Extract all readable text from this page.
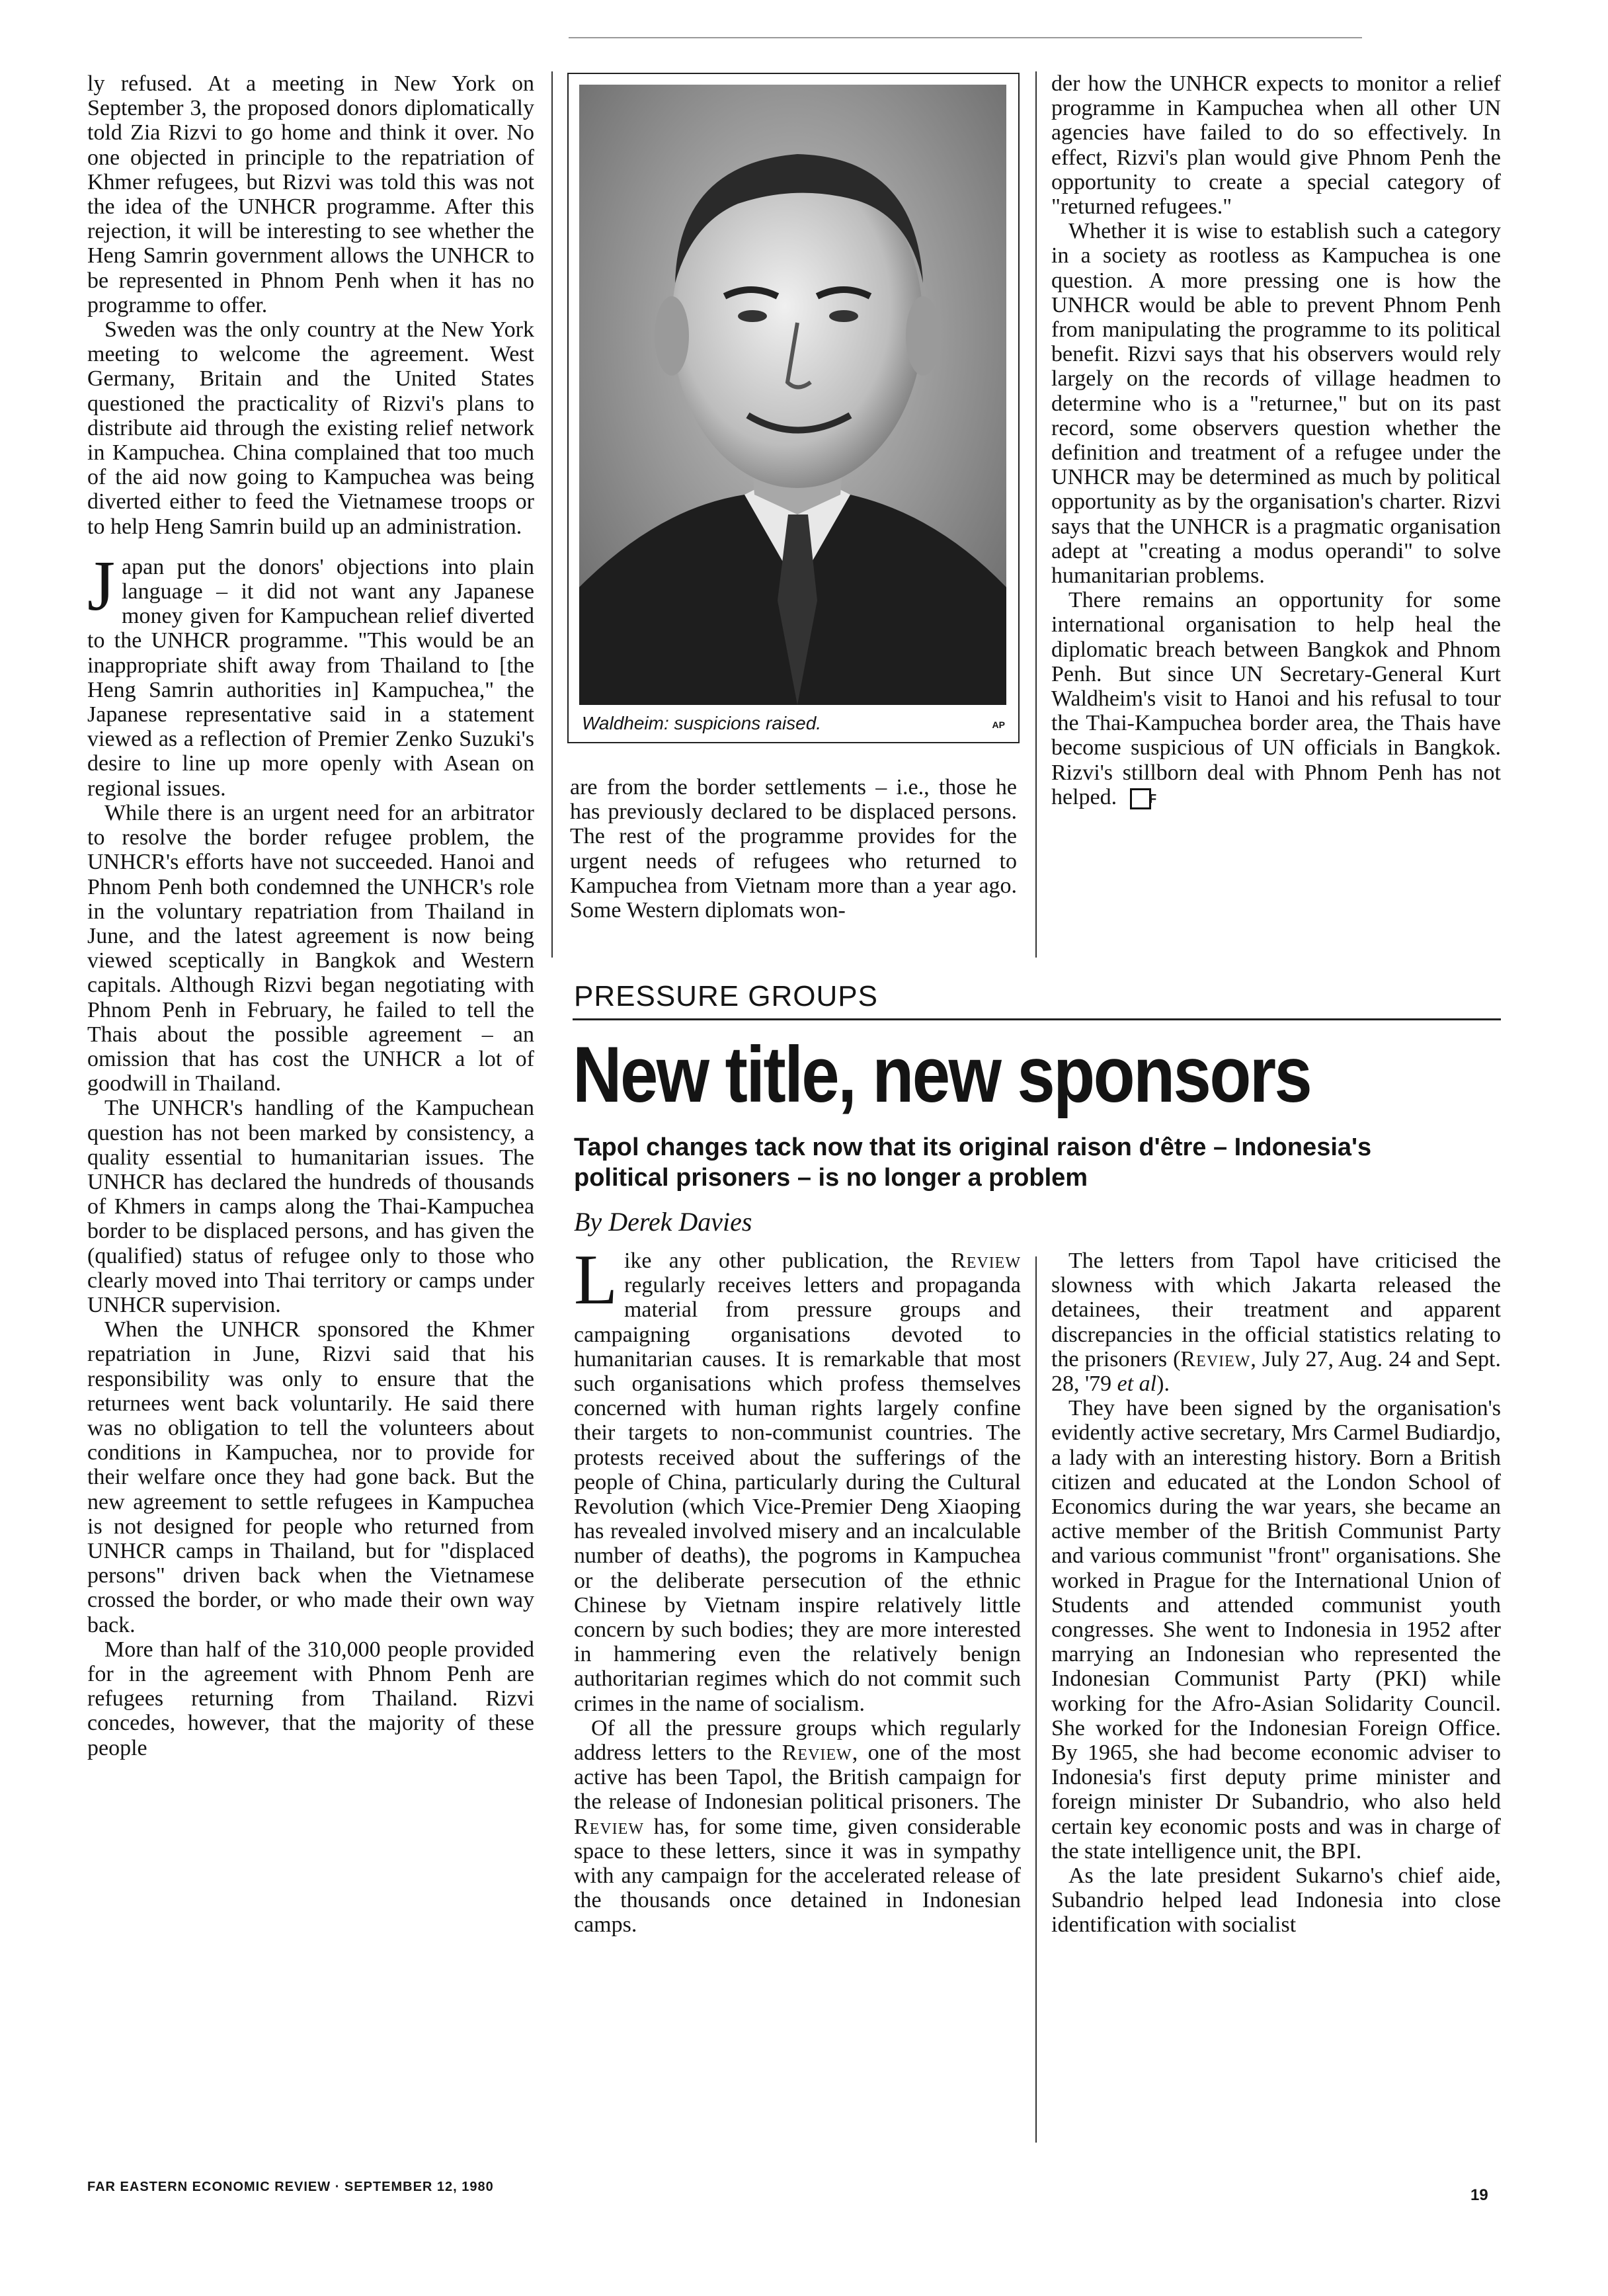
ly refused. At a meeting in New York on September 3, the proposed donors diplomatically told Zia Rizvi to go home and think it over. No one objected in principle to the repatriation of Khmer refugees, but Rizvi was told this was not the idea of the UNHCR programme. After this rejection, it will be interesting to see whether the Heng Samrin government allows the UNHCR to be represented in Phnom Penh when it has no programme to offer.

Sweden was the only country at the New York meeting to welcome the agreement. West Germany, Britain and the United States questioned the practicality of Rizvi's plans to distribute aid through the existing relief network in Kampuchea. China complained that too much of the aid now going to Kampuchea was being diverted either to feed the Vietnamese troops or to help Heng Samrin build up an administration.

Japan put the donors' objections into plain language – it did not want any Japanese money given for Kampuchean relief diverted to the UNHCR programme. "This would be an inappropriate shift away from Thailand to [the Heng Samrin authorities in] Kampuchea," the Japanese representative said in a statement viewed as a reflection of Premier Zenko Suzuki's desire to line up more openly with Asean on regional issues.

While there is an urgent need for an arbitrator to resolve the border refugee problem, the UNHCR's efforts have not succeeded. Hanoi and Phnom Penh both condemned the UNHCR's role in the voluntary repatriation from Thailand in June, and the latest agreement is now being viewed sceptically in Bangkok and Western capitals. Although Rizvi began negotiating with Phnom Penh in February, he failed to tell the Thais about the possible agreement – an omission that has cost the UNHCR a lot of goodwill in Thailand.

The UNHCR's handling of the Kampuchean question has not been marked by consistency, a quality essential to humanitarian issues. The UNHCR has declared the hundreds of thousands of Khmers in camps along the Thai-Kampuchea border to be displaced persons, and has given the (qualified) status of refugee only to those who clearly moved into Thai territory or camps under UNHCR supervision.

When the UNHCR sponsored the Khmer repatriation in June, Rizvi said that his responsibility was only to ensure that the returnees went back voluntarily. He said there was no obligation to tell the volunteers about conditions in Kampuchea, nor to provide for their welfare once they had gone back. But the new agreement to settle refugees in Kampuchea is not designed for people who returned from UNHCR camps in Thailand, but for "displaced persons" driven back when the Vietnamese crossed the border, or who made their own way back.

More than half of the 310,000 people provided for in the agreement with Phnom Penh are refugees returning from Thailand. Rizvi concedes, however, that the majority of these people

Waldheim: suspicions raised.	AP

are from the border settlements – i.e., those he has previously declared to be displaced persons. The rest of the programme provides for the urgent needs of refugees who returned to Kampuchea from Vietnam more than a year ago. Some Western diplomats won-

der how the UNHCR expects to monitor a relief programme in Kampuchea when all other UN agencies have failed to do so effectively. In effect, Rizvi's plan would give Phnom Penh the opportunity to create a special category of "returned refugees."

Whether it is wise to establish such a category in a society as rootless as Kampuchea is one question. A more pressing one is how the UNHCR would be able to prevent Phnom Penh from manipulating the programme to its political benefit. Rizvi says that his observers would rely largely on the records of village headmen to determine who is a "returnee," but on its past record, some observers question whether the definition and treatment of a refugee under the UNHCR may be determined as much by political opportunity as by the organisation's charter. Rizvi says that the UNHCR is a pragmatic organisation adept at "creating a modus operandi" to solve humanitarian problems.

There remains an opportunity for some international organisation to help heal the diplomatic breach between Bangkok and Phnom Penh. But since UN Secretary-General Kurt Waldheim's visit to Hanoi and his refusal to tour the Thai-Kampuchea border area, the Thais have become suspicious of UN officials in Bangkok. Rizvi's stillborn deal with Phnom Penh has not helped.	F

PRESSURE GROUPS
New title, new sponsors
Tapol changes tack now that its original raison d'être – Indonesia's political prisoners – is no longer a problem
By Derek Davies

Like any other publication, the Review regularly receives letters and propaganda material from pressure groups and campaigning organisations devoted to humanitarian causes. It is remarkable that most such organisations which profess themselves concerned with human rights largely confine their targets to non-communist countries. The protests received about the sufferings of the people of China, particularly during the Cultural Revolution (which Vice-Premier Deng Xiaoping has revealed involved misery and an incalculable number of deaths), the pogroms in Kampuchea or the deliberate persecution of the ethnic Chinese by Vietnam inspire relatively little concern by such bodies; they are more interested in hammering even the relatively benign authoritarian regimes which do not commit such crimes in the name of socialism.

Of all the pressure groups which regularly address letters to the Review, one of the most active has been Tapol, the British campaign for the release of Indonesian political prisoners. The Review has, for some time, given considerable space to these letters, since it was in sympathy with any campaign for the accelerated release of the thousands once detained in Indonesian camps.

The letters from Tapol have criticised the slowness with which Jakarta released the detainees, their treatment and apparent discrepancies in the official statistics relating to the prisoners (Review, July 27, Aug. 24 and Sept. 28, '79 et al).

They have been signed by the organisation's evidently active secretary, Mrs Carmel Budiardjo, a lady with an interesting history. Born a British citizen and educated at the London School of Economics during the war years, she became an active member of the British Communist Party and various communist "front" organisations. She worked in Prague for the International Union of Students and attended communist youth congresses. She went to Indonesia in 1952 after marrying an Indonesian who represented the Indonesian Communist Party (PKI) while working for the Afro-Asian Solidarity Council. She worked for the Indonesian Foreign Office. By 1965, she had become economic adviser to Indonesia's first deputy prime minister and foreign minister Dr Subandrio, who also held certain key economic posts and was in charge of the state intelligence unit, the BPI.

As the late president Sukarno's chief aide, Subandrio helped lead Indonesia into close identification with socialist

FAR EASTERN ECONOMIC REVIEW · SEPTEMBER 12, 1980	19
